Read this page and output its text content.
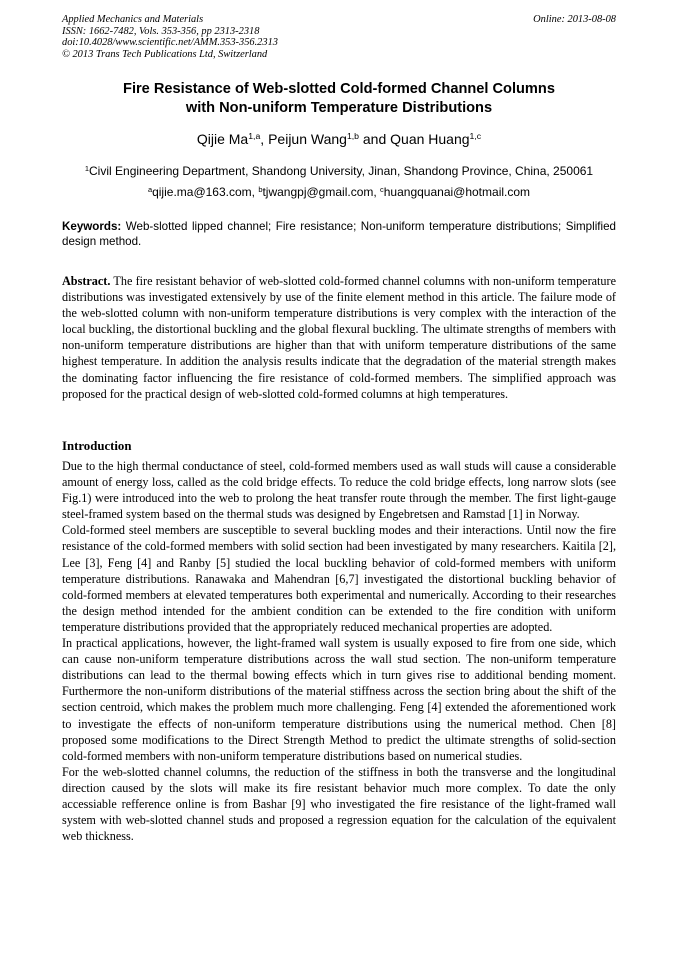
Applied Mechanics and Materials
ISSN: 1662-7482, Vols. 353-356, pp 2313-2318
doi:10.4028/www.scientific.net/AMM.353-356.2313
© 2013 Trans Tech Publications Ltd, Switzerland
Online: 2013-08-08
Fire Resistance of Web-slotted Cold-formed Channel Columns
with Non-uniform Temperature Distributions
Qijie Ma$^{1,a}$, Peijun Wang$^{1,b}$ and Quan Huang$^{1,c}$
$^1$Civil Engineering Department, Shandong University, Jinan, Shandong Province, China, 250061
$^a$qijie.ma@163.com, $^b$tjwangpj@gmail.com, $^c$huangquanai@hotmail.com
Keywords: Web-slotted lipped channel; Fire resistance; Non-uniform temperature distributions; Simplified design method.
Abstract. The fire resistant behavior of web-slotted cold-formed channel columns with non-uniform temperature distributions was investigated extensively by use of the finite element method in this article. The failure mode of the web-slotted column with non-uniform temperature distributions is very complex with the interaction of the local buckling, the distortional buckling and the global flexural buckling. The ultimate strengths of members with non-uniform temperature distributions are higher than that with uniform temperature distributions of the same highest temperature. In addition the analysis results indicate that the degradation of the material strength makes the dominating factor influencing the fire resistance of cold-formed members. The simplified approach was proposed for the practical design of web-slotted cold-formed columns at high temperatures.
Introduction

Due to the high thermal conductance of steel, cold-formed members used as wall studs will cause a considerable amount of energy loss, called as the cold bridge effects. To reduce the cold bridge effects, long narrow slots (see Fig.1) were introduced into the web to prolong the heat transfer route through the member. The first light-gauge steel-framed system based on the thermal studs was designed by Engebretsen and Ramstad [1] in Norway.

Cold-formed steel members are susceptible to several buckling modes and their interactions. Until now the fire resistance of the cold-formed members with solid section had been investigated by many researchers. Kaitila [2], Lee [3], Feng [4] and Ranby [5] studied the local buckling behavior of cold-formed members with uniform temperature distributions. Ranawaka and Mahendran [6,7] investigated the distortional buckling behavior of cold-formed members at elevated temperatures both experimental and numerically. According to their researches the design method intended for the ambient condition can be extended to the fire condition with uniform temperature distributions provided that the appropriately reduced mechanical properties are adopted.

In practical applications, however, the light-framed wall system is usually exposed to fire from one side, which can cause non-uniform temperature distributions across the wall stud section. The non-uniform temperature distributions can lead to the thermal bowing effects which in turn gives rise to additional bending moment. Furthermore the non-uniform distributions of the material stiffness across the section bring about the shift of the section centroid, which makes the problem much more challenging. Feng [4] extended the aforementioned work to investigate the effects of non-uniform temperature distributions using the numerical method. Chen [8] proposed some modifications to the Direct Strength Method to predict the ultimate strengths of solid-section cold-formed members with non-uniform temperature distributions based on numerical studies.

For the web-slotted channel columns, the reduction of the stiffness in both the transverse and the longitudinal direction caused by the slots will make its fire resistant behavior much more complex. To date the only accessiable refference online is from Bashar [9] who investigated the fire resistance of the light-framed wall system with web-slotted channel studs and proposed a regression equation for the calculation of the equivalent web thickness.
